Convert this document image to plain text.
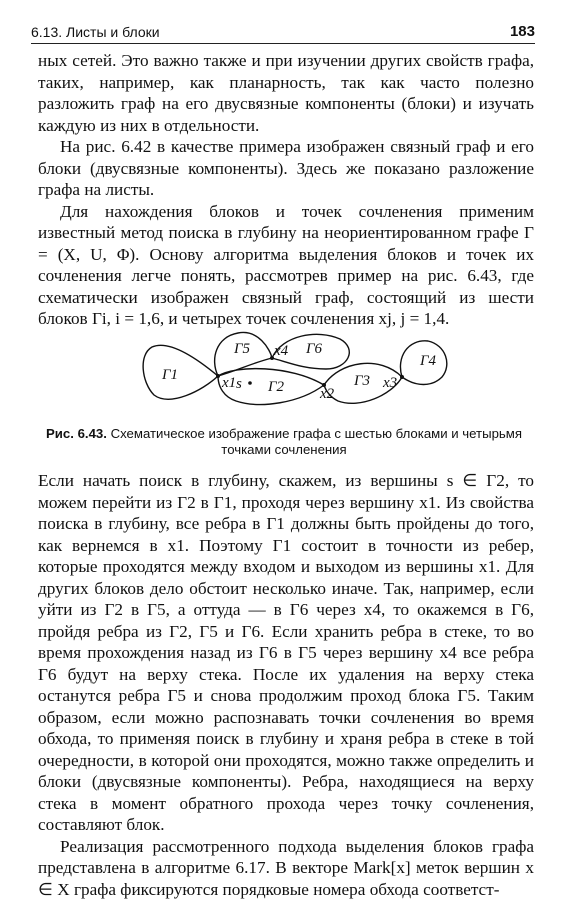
6.13. Листы и блоки	183

ных сетей. Это важно также и при изучении других свойств графа, таких, например, как планарность, так как часто полезно разложить граф на его двусвязные компоненты (блоки) и изучать каждую из них в отдельности.

На рис. 6.42 в качестве примера изображен связный граф и его блоки (двусвязные компоненты). Здесь же показано разложение графа на листы.

Для нахождения блоков и точек сочленения применим известный метод поиска в глубину на неориентированном графе Γ = (X, U, Φ). Основу алгоритма выделения блоков и точек их сочленения легче понять, рассмотрев пример на рис. 6.43, где схематически изображен связный граф, состоящий из шести блоков Γi, i = 1,6, и четырех точек сочленения xj, j = 1,4.

Γ1	x1 s Γ2
Γ5 x4 Γ6
x2
Γ3 x3
Γ4
Рис. 6.43. Схематическое изображение графа с шестью блоками и четырьмя точками сочленения

Если начать поиск в глубину, скажем, из вершины s ∈ Γ2, то можем перейти из Γ2 в Γ1, проходя через вершину x1. Из свойства поиска в глубину, все ребра в Γ1 должны быть пройдены до того, как вернемся в x1. Поэтому Γ1 состоит в точности из ребер, которые проходятся между входом и выходом из вершины x1. Для других блоков дело обстоит несколько иначе. Так, например, если уйти из Γ2 в Γ5, а оттуда — в Γ6 через x4, то окажемся в Γ6, пройдя ребра из Γ2, Γ5 и Γ6. Если хранить ребра в стеке, то во время прохождения назад из Γ6 в Γ5 через вершину x4 все ребра Γ6 будут на верху стека. После их удаления на верху стека останутся ребра Γ5 и снова продолжим проход блока Γ5. Таким образом, если можно распознавать точки сочленения во время обхода, то применяя поиск в глубину и храня ребра в стеке в той очередности, в которой они проходятся, можно также определить и блоки (двусвязные компоненты). Ребра, находящиеся на верху стека в момент обратного прохода через точку сочленения, составляют блок.

Реализация рассмотренного подхода выделения блоков графа представлена в алгоритме 6.17. В векторе Mark[x] меток вершин x ∈ X графа фиксируются порядковые номера обхода соответст-
